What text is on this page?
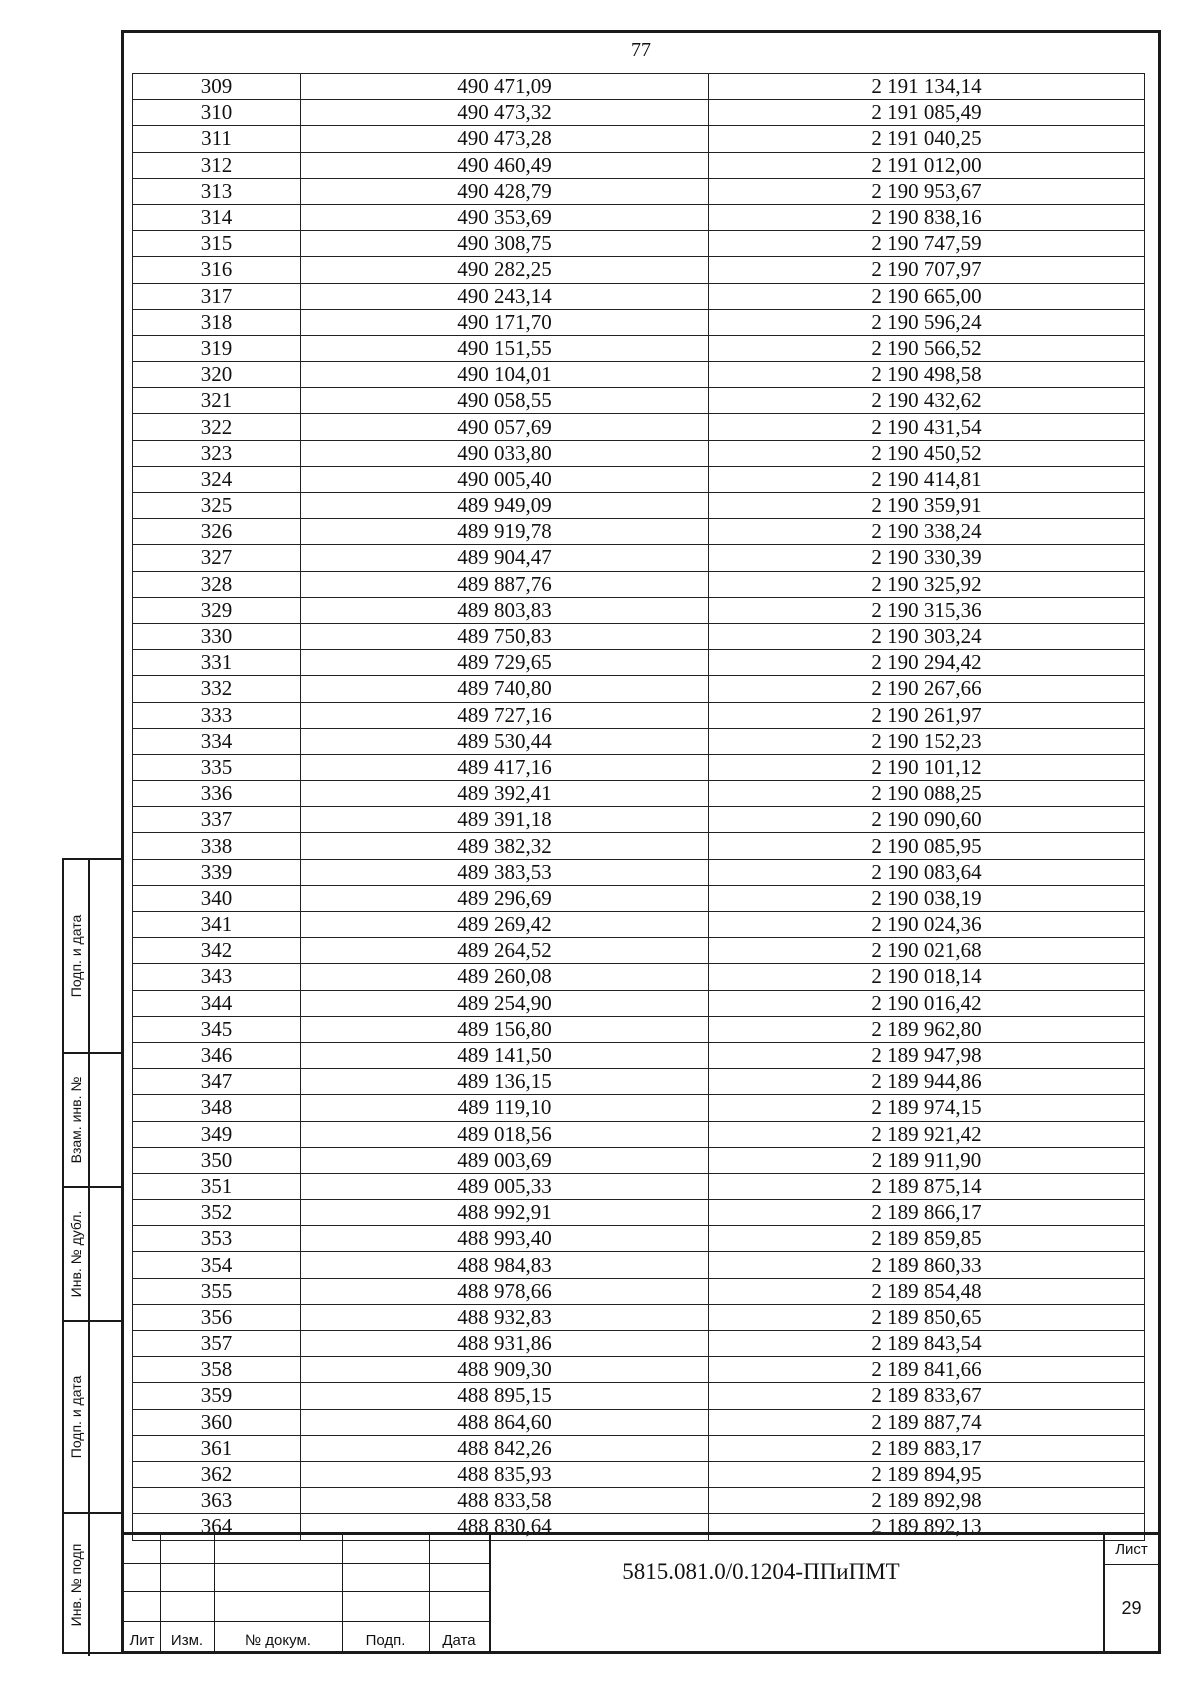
77
309	490 471,09	2 191 134,14
310	490 473,32	2 191 085,49
311	490 473,28	2 191 040,25
312	490 460,49	2 191 012,00
313	490 428,79	2 190 953,67
314	490 353,69	2 190 838,16
315	490 308,75	2 190 747,59
316	490 282,25	2 190 707,97
317	490 243,14	2 190 665,00
318	490 171,70	2 190 596,24
319	490 151,55	2 190 566,52
320	490 104,01	2 190 498,58
321	490 058,55	2 190 432,62
322	490 057,69	2 190 431,54
323	490 033,80	2 190 450,52
324	490 005,40	2 190 414,81
325	489 949,09	2 190 359,91
326	489 919,78	2 190 338,24
327	489 904,47	2 190 330,39
328	489 887,76	2 190 325,92
329	489 803,83	2 190 315,36
330	489 750,83	2 190 303,24
331	489 729,65	2 190 294,42
332	489 740,80	2 190 267,66
333	489 727,16	2 190 261,97
334	489 530,44	2 190 152,23
335	489 417,16	2 190 101,12
336	489 392,41	2 190 088,25
337	489 391,18	2 190 090,60
338	489 382,32	2 190 085,95
339	489 383,53	2 190 083,64
340	489 296,69	2 190 038,19
341	489 269,42	2 190 024,36
342	489 264,52	2 190 021,68
343	489 260,08	2 190 018,14
344	489 254,90	2 190 016,42
345	489 156,80	2 189 962,80
346	489 141,50	2 189 947,98
347	489 136,15	2 189 944,86
348	489 119,10	2 189 974,15
349	489 018,56	2 189 921,42
350	489 003,69	2 189 911,90
351	489 005,33	2 189 875,14
352	488 992,91	2 189 866,17
353	488 993,40	2 189 859,85
354	488 984,83	2 189 860,33
355	488 978,66	2 189 854,48
356	488 932,83	2 189 850,65
357	488 931,86	2 189 843,54
358	488 909,30	2 189 841,66
359	488 895,15	2 189 833,67
360	488 864,60	2 189 887,74
361	488 842,26	2 189 883,17
362	488 835,93	2 189 894,95
363	488 833,58	2 189 892,98
364	488 830,64	2 189 892,13
Лит	Изм.	№ докум.	Подп.	Дата
5815.081.0/0.1204-ППиПМТ
Лист
29
Подп. и дата
Взам. инв. №
Инв. № дубл.
Подп. и дата
Инв. № подп
